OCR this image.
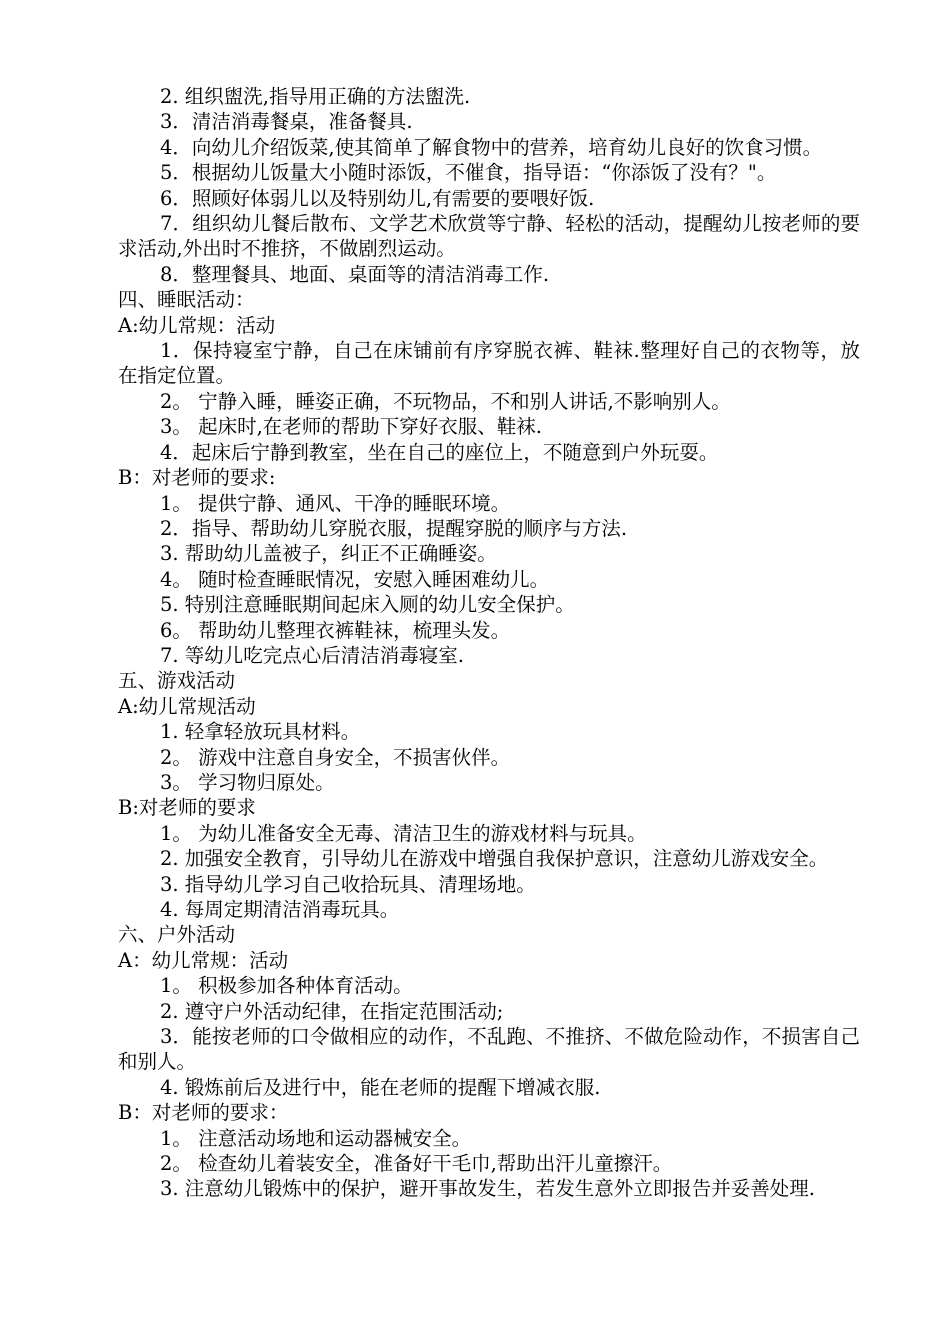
2. 组织盥洗,指导用正确的方法盥洗.

3．清洁消毒餐桌，准备餐具.

4．向幼儿介绍饭菜,使其简单了解食物中的营养，培育幼儿良好的饮食习惯。

5．根据幼儿饭量大小随时添饭，不催食，指导语：“你添饭了没有？"。

6．照顾好体弱儿以及特别幼儿,有需要的要喂好饭.

7．组织幼儿餐后散布、文学艺术欣赏等宁静、轻松的活动，提醒幼儿按老师的要求活动,外出时不推挤，不做剧烈运动。

8．整理餐具、地面、桌面等的清洁消毒工作.

四、睡眠活动：

A:幼儿常规：活动

1．保持寝室宁静，自己在床铺前有序穿脱衣裤、鞋袜.整理好自己的衣物等，放在指定位置。

2。 宁静入睡，睡姿正确，不玩物品，不和别人讲话,不影响别人。

3。 起床时,在老师的帮助下穿好衣服、鞋袜.

4．起床后宁静到教室，坐在自己的座位上，不随意到户外玩耍。

B：对老师的要求:

1。 提供宁静、通风、干净的睡眠环境。

2．指导、帮助幼儿穿脱衣服，提醒穿脱的顺序与方法.

3. 帮助幼儿盖被子，纠正不正确睡姿。

4。 随时检查睡眠情况，安慰入睡困难幼儿。

5. 特别注意睡眠期间起床入厕的幼儿安全保护。

6。 帮助幼儿整理衣裤鞋袜，梳理头发。

7. 等幼儿吃完点心后清洁消毒寝室.

五、游戏活动

A:幼儿常规活动

1. 轻拿轻放玩具材料。

2。 游戏中注意自身安全，不损害伙伴。

3。 学习物归原处。

B:对老师的要求

1。 为幼儿准备安全无毒、清洁卫生的游戏材料与玩具。

2. 加强安全教育，引导幼儿在游戏中增强自我保护意识，注意幼儿游戏安全。

3. 指导幼儿学习自己收拾玩具、清理场地。

4. 每周定期清洁消毒玩具。

六、户外活动

A：幼儿常规：活动

1。 积极参加各种体育活动。

2. 遵守户外活动纪律，在指定范围活动;

3．能按老师的口令做相应的动作，不乱跑、不推挤、不做危险动作，不损害自己和别人。

4. 锻炼前后及进行中，能在老师的提醒下增减衣服.

B：对老师的要求：

1。 注意活动场地和运动器械安全。

2。 检查幼儿着装安全，准备好干毛巾,帮助出汗儿童擦汗。

3. 注意幼儿锻炼中的保护，避开事故发生，若发生意外立即报告并妥善处理.
